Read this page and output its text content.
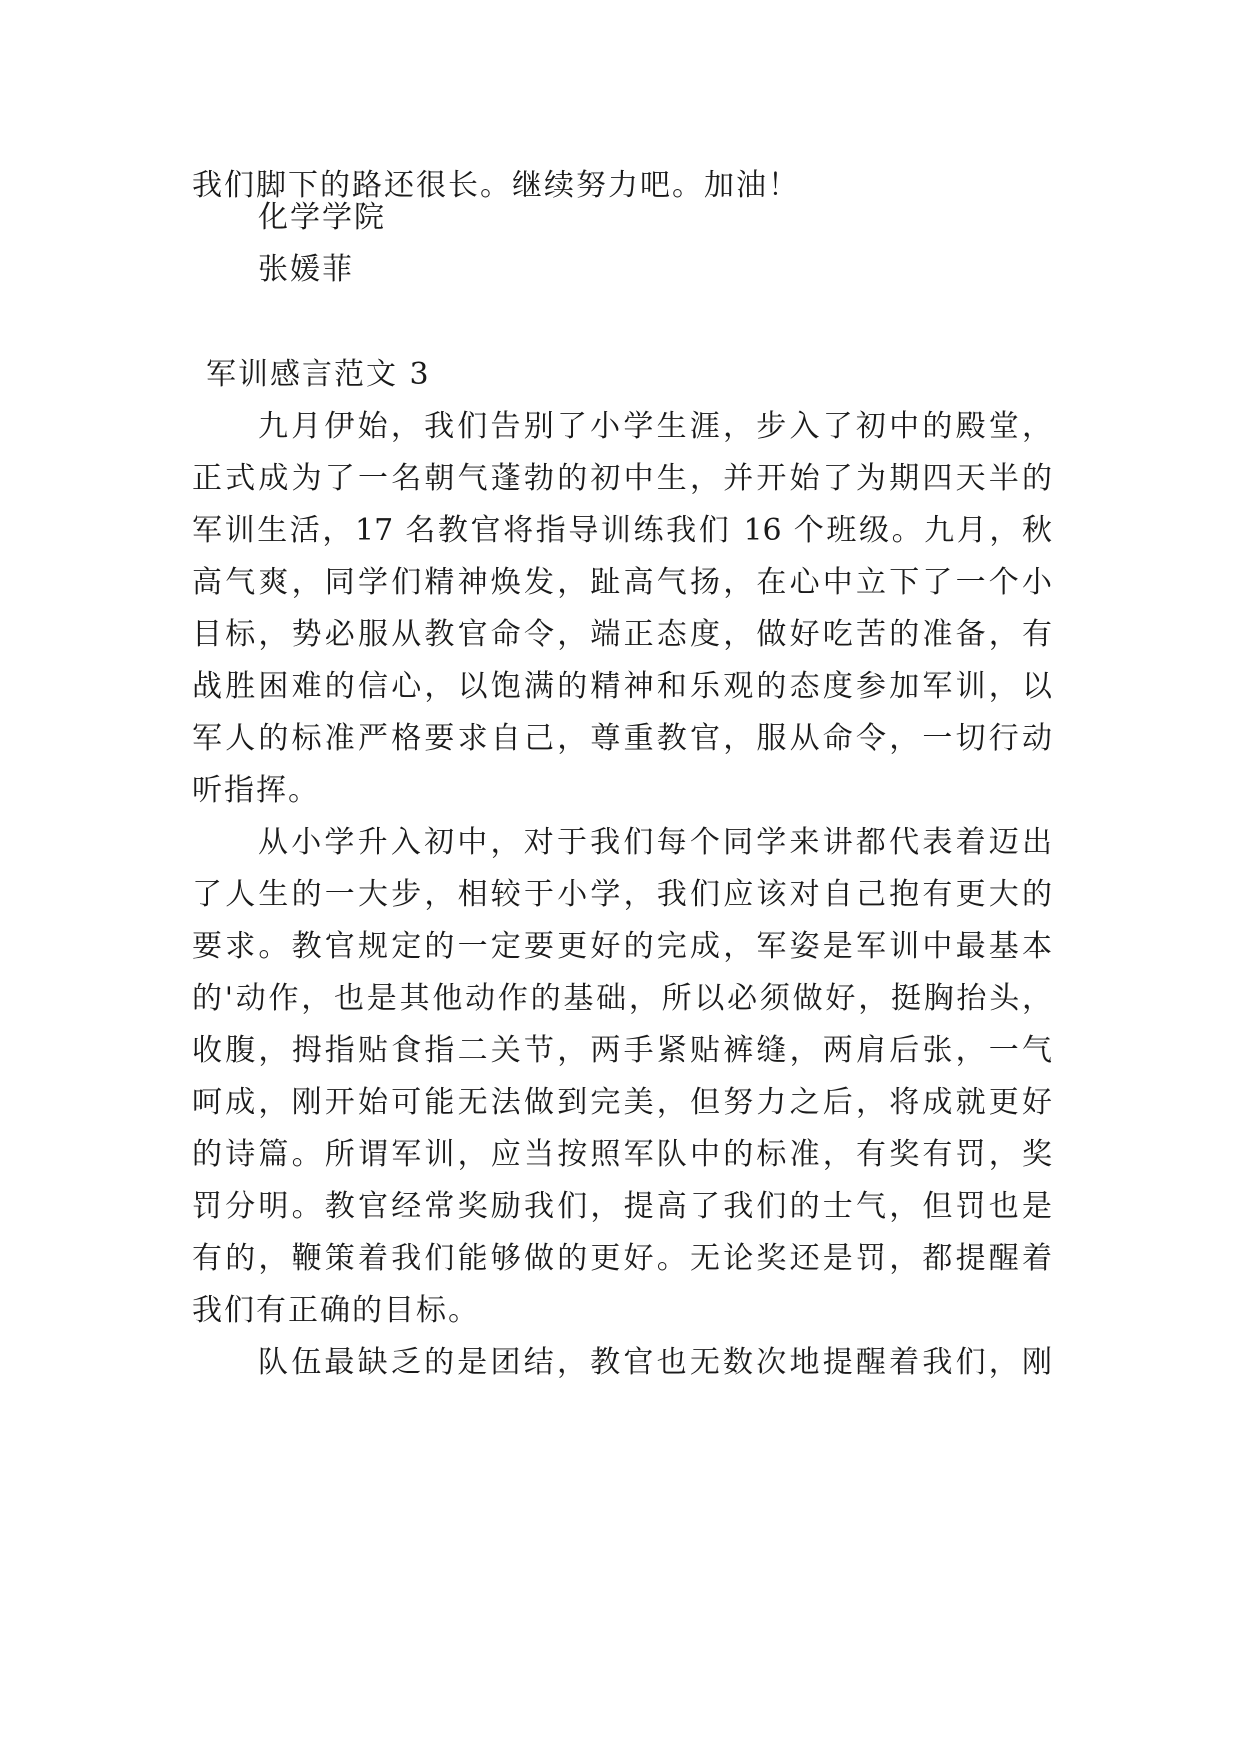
我们脚下的路还很长。继续努力吧。加油！
化学学院
张媛菲
军训感言范文 3
九月伊始，我们告别了小学生涯，步入了初中的殿堂，
正式成为了一名朝气蓬勃的初中生，并开始了为期四天半的
军训生活，17 名教官将指导训练我们 16 个班级。九月，秋
高气爽，同学们精神焕发，趾高气扬，在心中立下了一个小
目标，势必服从教官命令，端正态度，做好吃苦的准备，有
战胜困难的信心，以饱满的精神和乐观的态度参加军训，以
军人的标准严格要求自己，尊重教官，服从命令，一切行动
听指挥。
从小学升入初中，对于我们每个同学来讲都代表着迈出
了人生的一大步，相较于小学，我们应该对自己抱有更大的
要求。教官规定的一定要更好的完成，军姿是军训中最基本
的'动作，也是其他动作的基础，所以必须做好，挺胸抬头，
收腹，拇指贴食指二关节，两手紧贴裤缝，两肩后张，一气
呵成，刚开始可能无法做到完美，但努力之后，将成就更好
的诗篇。所谓军训，应当按照军队中的标准，有奖有罚，奖
罚分明。教官经常奖励我们，提高了我们的士气，但罚也是
有的，鞭策着我们能够做的更好。无论奖还是罚，都提醒着
我们有正确的目标。
队伍最缺乏的是团结，教官也无数次地提醒着我们，刚
